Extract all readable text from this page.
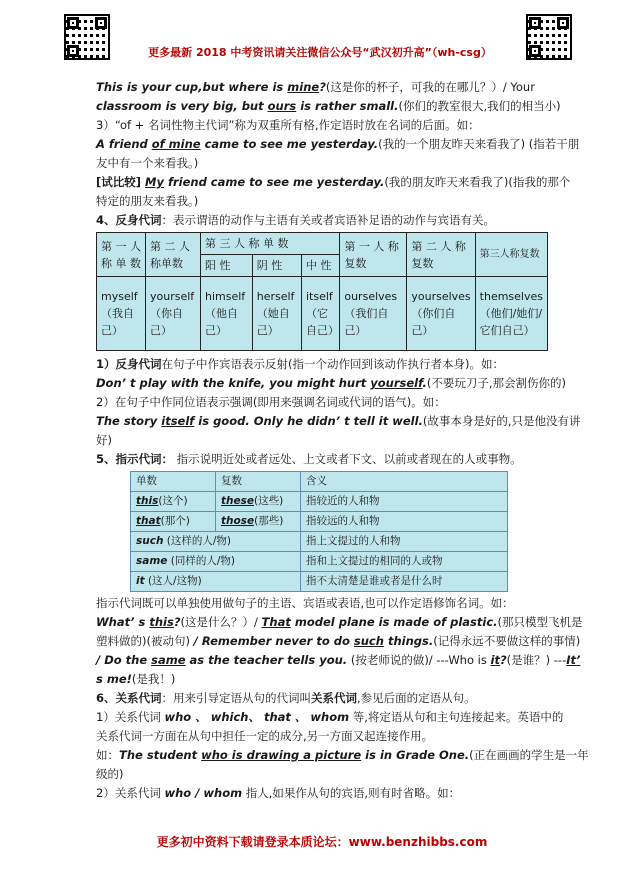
更多最新 2018 中考资讯请关注微信公众号“武汉初升高”（wh-csg）
This is your cup,but where is mine?(这是你的杯子，可我的在哪儿？）/ Your
classroom is very big, but ours is rather small.(你们的教室很大,我们的相当小)
3）“of + 名词性物主代词”称为双重所有格,作定语时放在名词的后面。如：
A friend of mine came to see me yesterday.(我的一个朋友昨天来看我了) (指若干朋
友中有一个来看我。)
[试比较] My friend came to see me yesterday.(我的朋友昨天来看我了)(指我的那个
特定的朋友来看我。)
4、反身代词：表示谓语的动作与主语有关或者宾语补足语的动作与宾语有关。
第 一 人 称 单 数	第 二 人 称单数	第 三 人 称 单 数			第 一 人 称 复数	第 二 人 称 复数	第三人称复数
		阳 性	阴 性	中 性			
myself（我自己）	yourself（你自己）	himself（他自己）	herself（她自己）	itself（它自己）	ourselves（我们自己）	yourselves（你们自己）	themselves（他们/她们/它们自己）
1）反身代词在句子中作宾语表示反射(指一个动作回到该动作执行者本身)。如：
Don’ t play with the knife, you might hurt yourself.(不要玩刀子,那会割伤你的)
2）在句子中作同位语表示强调(即用来强调名词或代词的语气)。如：
The story itself is good. Only he didn’ t tell it well.(故事本身是好的,只是他没有讲
好)
5、指示代词： 指示说明近处或者远处、上文或者下文、以前或者现在的人或事物。
单数	复数	含义
this(这个)	these(这些)	指较近的人和物
that(那个)	those(那些)	指较远的人和物
such (这样的人/物)		指上文提过的人和物
same (同样的人/物)		指和上文提过的相同的人或物
it (这人/这物)		指不太清楚是谁或者是什么时
指示代词既可以单独使用做句子的主语、宾语或表语,也可以作定语修饰名词。如：
What’ s this?(这是什么？）/ That model plane is made of plastic.(那只模型飞机是
塑料做的)(被动句) / Remember never to do such things.(记得永远不要做这样的事情)
/ Do the same as the teacher tells you. (按老师说的做)/ ---Who is it?(是谁？) ---It’
s me!(是我！)
6、关系代词：用来引导定语从句的代词叫关系代词,参见后面的定语从句。
1）关系代词 who 、 which、 that 、 whom 等,将定语从句和主句连接起来。英语中的
关系代词一方面在从句中担任一定的成分,另一方面又起连接作用。
如：The student who is drawing a picture is in Grade One.(正在画画的学生是一年
级的)
2）关系代词 who / whom 指人,如果作从句的宾语,则有时省略。如：
更多初中资料下载请登录本质论坛：www.benzhibbs.com
